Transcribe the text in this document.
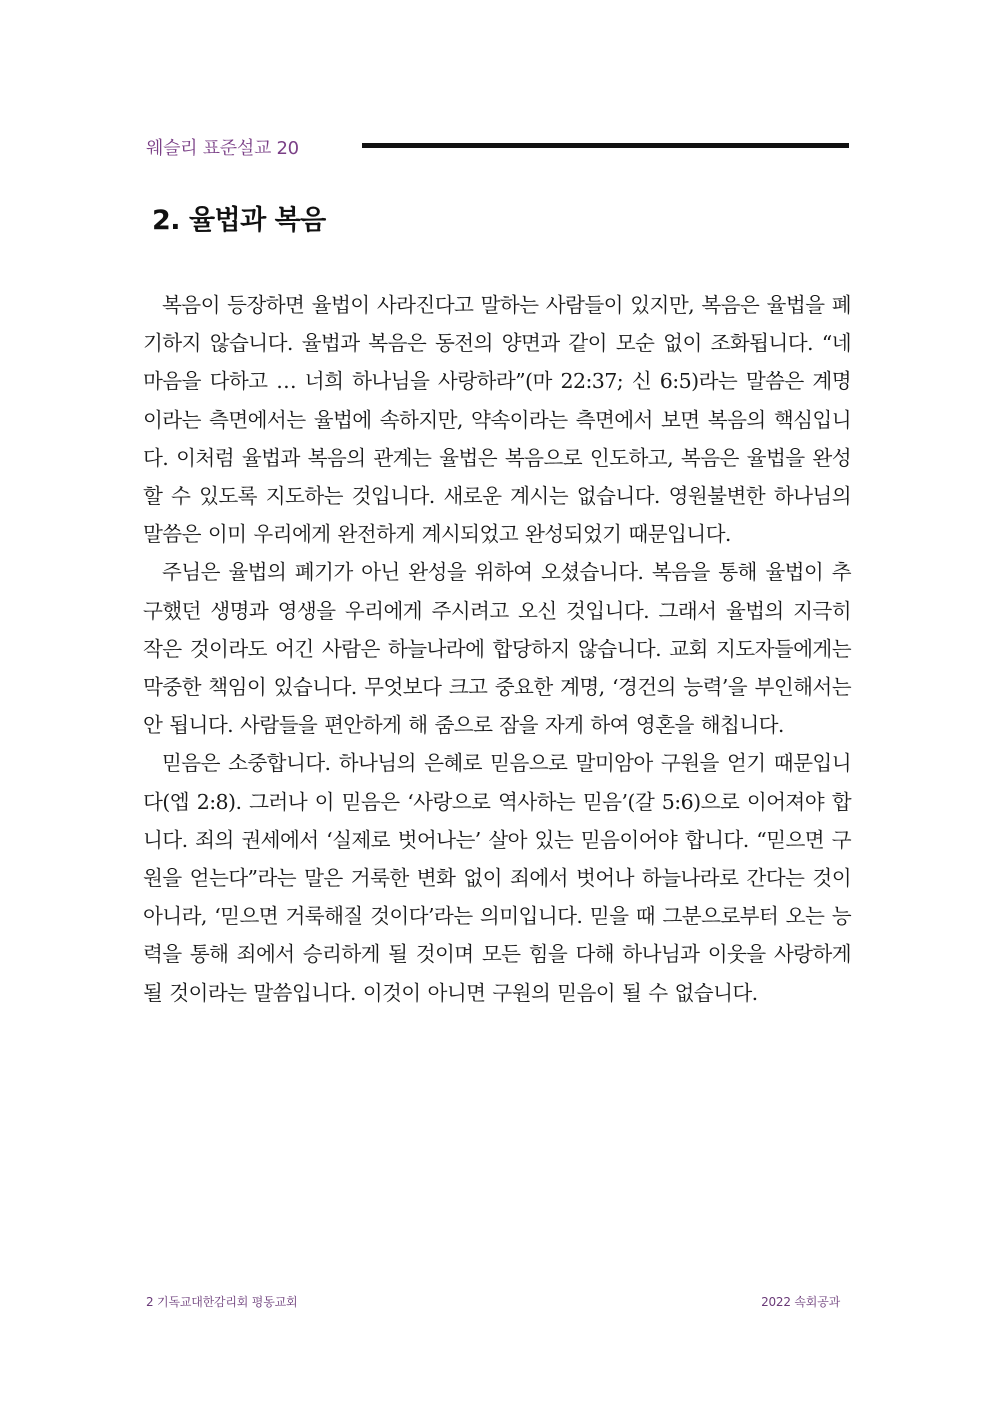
웨슬리 표준설교 20
2. 율법과 복음

복음이 등장하면 율법이 사라진다고 말하는 사람들이 있지만, 복음은 율법을 폐기하지 않습니다. 율법과 복음은 동전의 양면과 같이 모순 없이 조화됩니다. “네 마음을 다하고 … 너희 하나님을 사랑하라”(마 22:37; 신 6:5)라는 말씀은 계명이라는 측면에서는 율법에 속하지만, 약속이라는 측면에서 보면 복음의 핵심입니다. 이처럼 율법과 복음의 관계는 율법은 복음으로 인도하고, 복음은 율법을 완성할 수 있도록 지도하는 것입니다. 새로운 계시는 없습니다. 영원불변한 하나님의 말씀은 이미 우리에게 완전하게 계시되었고 완성되었기 때문입니다.

주님은 율법의 폐기가 아닌 완성을 위하여 오셨습니다. 복음을 통해 율법이 추구했던 생명과 영생을 우리에게 주시려고 오신 것입니다. 그래서 율법의 지극히 작은 것이라도 어긴 사람은 하늘나라에 합당하지 않습니다. 교회 지도자들에게는 막중한 책임이 있습니다. 무엇보다 크고 중요한 계명, ‘경건의 능력’을 부인해서는 안 됩니다. 사람들을 편안하게 해 줌으로 잠을 자게 하여 영혼을 해칩니다.

믿음은 소중합니다. 하나님의 은혜로 믿음으로 말미암아 구원을 얻기 때문입니다(엡 2:8). 그러나 이 믿음은 ‘사랑으로 역사하는 믿음’(갈 5:6)으로 이어져야 합니다. 죄의 권세에서 ‘실제로 벗어나는’ 살아 있는 믿음이어야 합니다. “믿으면 구원을 얻는다”라는 말은 거룩한 변화 없이 죄에서 벗어나 하늘나라로 간다는 것이 아니라, ‘믿으면 거룩해질 것이다’라는 의미입니다. 믿을 때 그분으로부터 오는 능력을 통해 죄에서 승리하게 될 것이며 모든 힘을 다해 하나님과 이웃을 사랑하게 될 것이라는 말씀입니다. 이것이 아니면 구원의 믿음이 될 수 없습니다.

2 기독교대한감리회 평동교회	2022 속회공과
